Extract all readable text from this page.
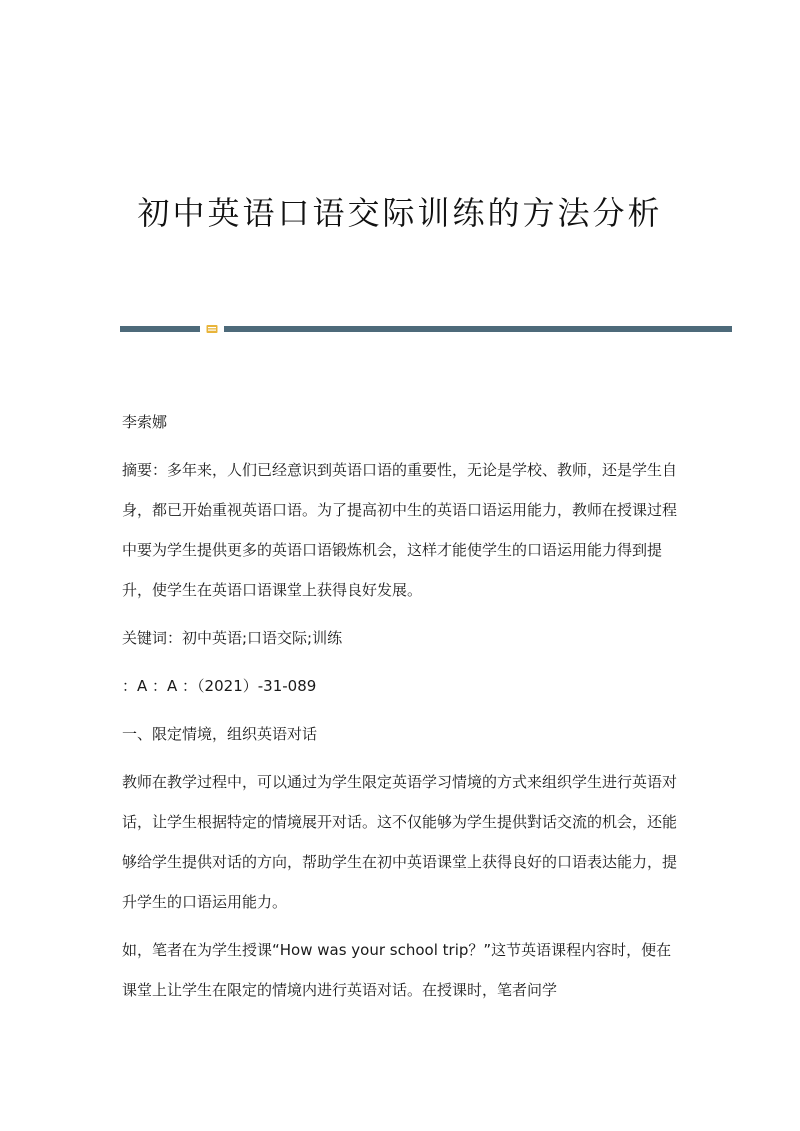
初中英语口语交际训练的方法分析

李索娜

摘要：多年来，人们已经意识到英语口语的重要性，无论是学校、教师，还是学生自身，都已开始重视英语口语。为了提高初中生的英语口语运用能力，教师在授课过程中要为学生提供更多的英语口语锻炼机会，这样才能使学生的口语运用能力得到提升，使学生在英语口语课堂上获得良好发展。

关键词：初中英语;口语交际;训练

：A ：A ：（2021）-31-089

一、限定情境，组织英语对话

教师在教学过程中，可以通过为学生限定英语学习情境的方式来组织学生进行英语对话，让学生根据特定的情境展开对话。这不仅能够为学生提供對话交流的机会，还能够给学生提供对话的方向，帮助学生在初中英语课堂上获得良好的口语表达能力，提升学生的口语运用能力。

如，笔者在为学生授课“How was your school trip？”这节英语课程内容时，便在课堂上让学生在限定的情境内进行英语对话。在授课时，笔者问学
